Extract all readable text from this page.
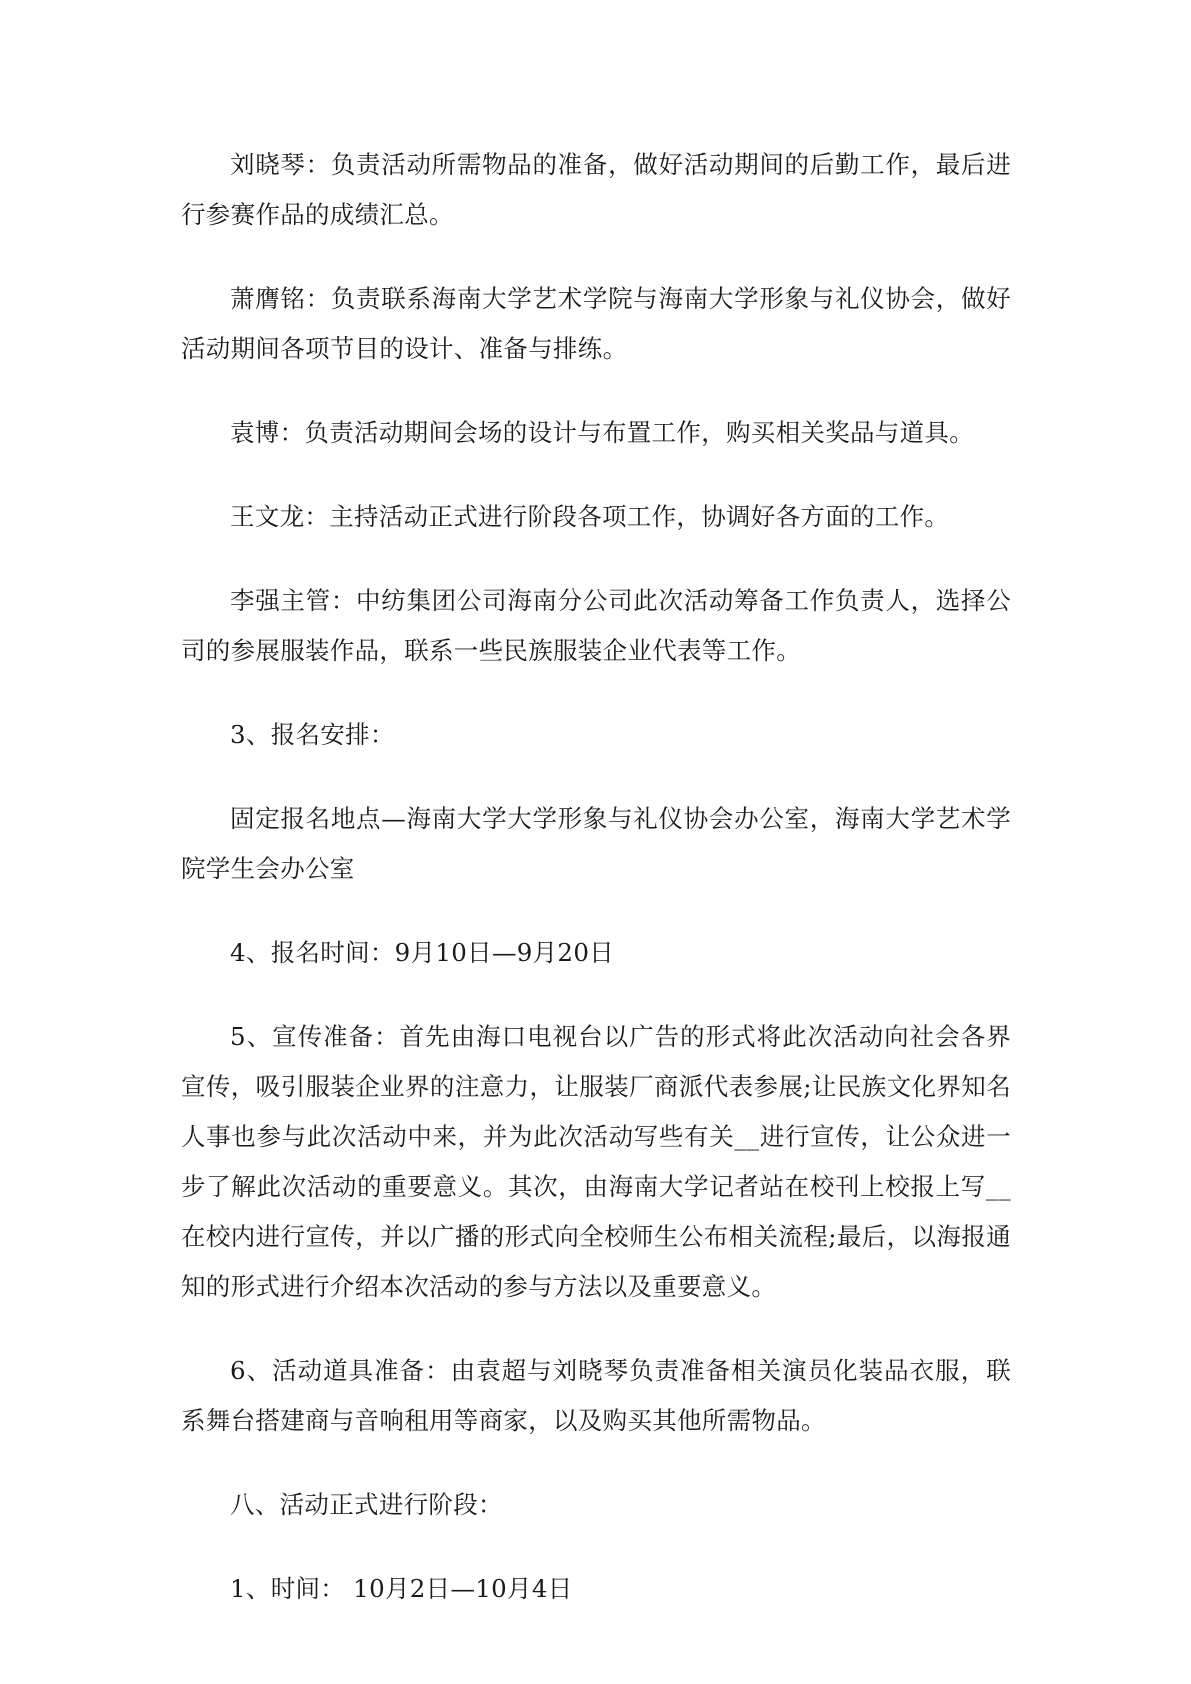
刘晓琴：负责活动所需物品的准备，做好活动期间的后勤工作，最后进行参赛作品的成绩汇总。

萧膺铭：负责联系海南大学艺术学院与海南大学形象与礼仪协会，做好活动期间各项节目的设计、准备与排练。

袁博：负责活动期间会场的设计与布置工作，购买相关奖品与道具。

王文龙：主持活动正式进行阶段各项工作，协调好各方面的工作。

李强主管：中纺集团公司海南分公司此次活动筹备工作负责人，选择公司的参展服装作品，联系一些民族服装企业代表等工作。

3、报名安排：

固定报名地点—海南大学大学形象与礼仪协会办公室，海南大学艺术学院学生会办公室

4、报名时间：9月10日—9月20日

5、宣传准备：首先由海口电视台以广告的形式将此次活动向社会各界宣传，吸引服装企业界的注意力，让服装厂商派代表参展;让民族文化界知名人事也参与此次活动中来，并为此次活动写些有关__进行宣传，让公众进一步了解此次活动的重要意义。其次，由海南大学记者站在校刊上校报上写__在校内进行宣传，并以广播的形式向全校师生公布相关流程;最后，以海报通知的形式进行介绍本次活动的参与方法以及重要意义。

6、活动道具准备：由袁超与刘晓琴负责准备相关演员化装品衣服，联系舞台搭建商与音响租用等商家，以及购买其他所需物品。

八、活动正式进行阶段：

1、时间： 10月2日—10月4日
